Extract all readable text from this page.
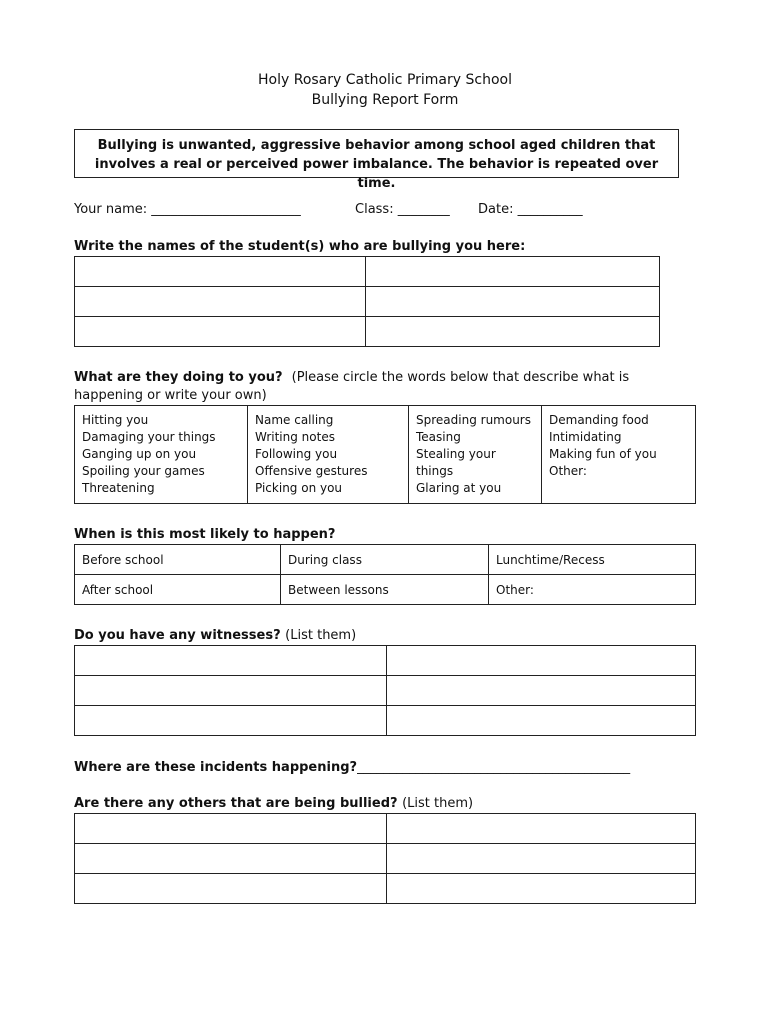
Holy Rosary Catholic Primary School
Bullying Report Form
Bullying is unwanted, aggressive behavior among school aged children that involves a real or perceived power imbalance. The behavior is repeated over time.
Your name: _______________________	Class: ________ Date: __________
Write the names of the student(s) who are bullying you here:

What are they doing to you? (Please circle the words below that describe what is
happening or write your own)
Hitting you
Damaging your things
Ganging up on you
Spoiling your games
Threatening

Name calling
Writing notes
Following you
Offensive gestures
Picking on you

Spreading rumours
Teasing
Stealing your
things
Glaring at you

Demanding food
Intimidating
Making fun of you
Other:
When is this most likely to happen?
Before school	During class	Lunchtime/Recess
After school	Between lessons	Other:
Do you have any witnesses? (List them)

Where are these incidents happening?__________________________________________
Are there any others that are being bullied? (List them)
